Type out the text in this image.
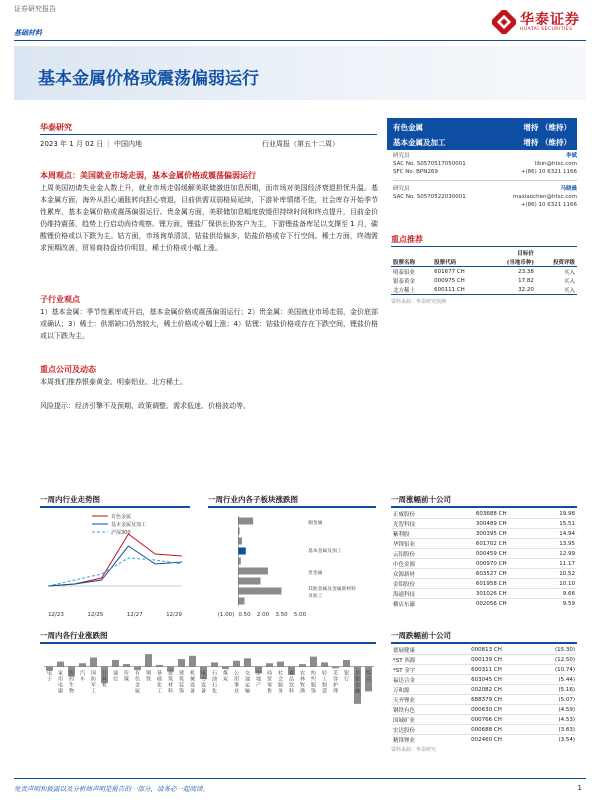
证券研究报告
基础材料
华泰证券
HUATAI SECURITIES
基本金属价格或震荡偏弱运行
华泰研究
2023 年 1 月 02 日 | 中国内地	行业周报（第五十二周）
有色金属	增持 （维持）
基本金属及加工	增持 （维持）
研究员	李斌
SAC No. S0570517050001	libin@htsc.com
SFC No. BPN269	+(86) 10 6321 1166
研究员	马晓晨
SAC No. S0570522030001	maxiaochen@htsc.com
+(86) 10 6321 1166
重点推荐
		目标价	
股票名称	股票代码	(当地币种)	投资评级
明泰铝业	601677 CH	23.38	买入
银泰黄金	000975 CH	17.82	买入
北方稀土	600111 CH	32.20	买入
资料来源：华泰研究预测
本周观点：美国就业市场走弱，基本金属价格或震荡偏弱运行
上周美国初请失业金人数上升，就业市场走弱缓解美联储激进加息预期，而市场对美国经济衰退担忧升温。基本金属方面，海外从担心通胀转向担心衰退，目前供需双弱格局延续，下游补库情绪不佳，社会库存开始季节性累库，基本金属价格或震荡偏弱运行。贵金属方面，美联储加息幅度放缓但持续时间和终点提升，目前金价仍维持震荡，趋势上行启动尚待观察。锂方面，锂盐厂保供长协客户为主，下游锂盐备库足以支撑至 1 月，碳酸锂价格或以下跌为主。钴方面，市场询单清淡，钴盐供给偏多，钴盐价格或存下行空间。稀土方面，终端需求预期改善，贸易商持盘待价明显，稀土价格或小幅上涨。
子行业观点
1）基本金属：季节性累库或开启，基本金属价格或震荡偏弱运行；2）贵金属：美国就业市场走弱，金价底部或确认；3）稀土：供需缺口仍然较大，稀土价格或小幅上涨；4）钴锂：钴盐价格或存在下跌空间，锂盐价格或以下跌为主。
重点公司及动态
本周我们推荐银泰黄金、明泰铝业、北方稀土。
风险提示：经济引擎不及预期、政策调整、需求低迷、价格波动等。
一周内行业走势图
有色金属
基本金属及加工
沪深300
12/23	12/25	12/27	12/29
一周行业内各子板块涨跌图
铜金属
基本金属及加工
贵金属
其他金属及金属新材料
及加工
(1.00) 0.50 2.00 3.50 5.00
一周涨幅前十公司
正威股份	603688 CH	19.98
光智科技	300489 CH	15.51
紫利股	300395 CH	14.94
华锋铝业	601702 CH	13.95
云铝股份	000459 CH	12.99
中色金源	000970 CH	11.17
众源新材	603527 CH	10.52
金钼股份	601958 CH	10.10
海通科技	301026 CH	9.66
横店东磁	002056 CH	9.59
一周内各行业涨跌图
电子
家用电器
医药生物
汽车
国防军工
计算机
通信
传媒
有色金属
钢铁
基础化工
建筑材料
建筑装饰
机械设备
电力设备
石油石化
煤炭
公用事业
交通运输
房地产
商贸零售
社会服务
食品饮料
农林牧渔
纺织服饰
轻工制造
美容护理
银行
非银金融
综合
一周跌幅前十公司
德展健康	000813 CH	(15.30)
*ST 西源	000139 CH	(12.50)
*ST 金宇	600311 CH	(10.74)
福达合金	603045 CH	(5.44)
万和源	002082 CH	(5.16)
天齐锂业	688379 CH	(5.07)
钢铁有色	000630 CH	(4.59)
国城矿业	000766 CH	(4.53)
宏达股份	000688 CH	(3.63)
精锋锂业	002460 CH	(3.54)
资料来源：华泰研究
免责声明和披露以及分析师声明是报告的一部分，请务必一起阅读。	1
